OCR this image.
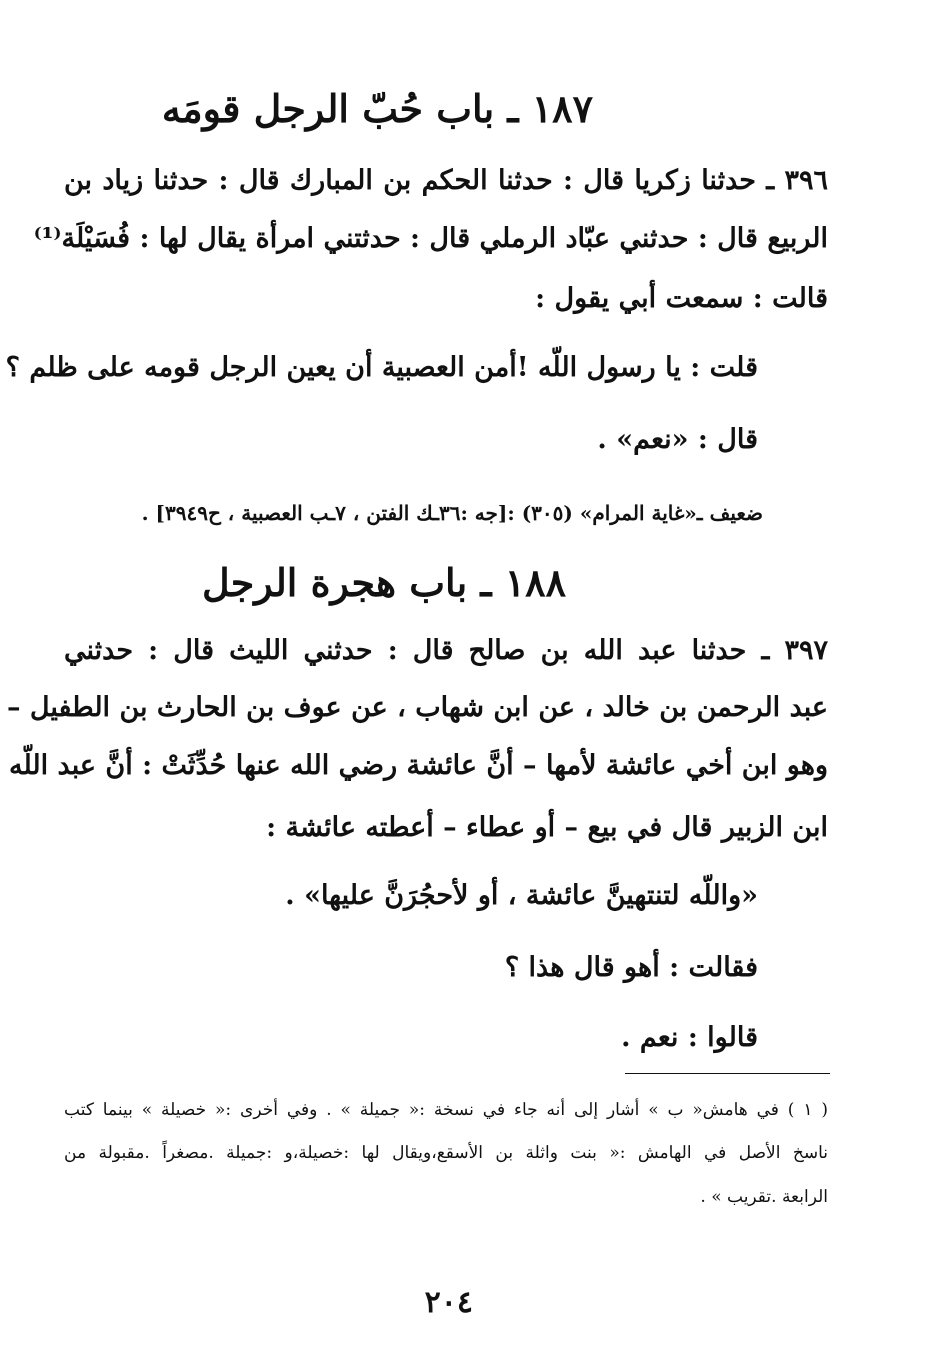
١٨٧ ـ باب حُبّ الرجل قومَه
٣٩٦ ـ حدثنا زكريا قال : حدثنا الحكم بن المبارك قال : حدثنا زياد بن
الربيع قال : حدثني عبّاد الرملي قال : حدثتني امرأة يقال لها : فُسَيْلَة⁽¹⁾
قالت : سمعت أبي يقول :
قلت : يا رسول اللّه !أمن العصبية أن يعين الرجل قومه على ظلم ؟
قال : «نعم» .
ضعيف ـ«غاية المرام» (٣٠٥) :[جه :٣٦ـك الفتن ، ٧ـب العصبية ، ح٣٩٤٩] .
١٨٨ ـ باب هجرة الرجل
٣٩٧ ـ حدثنا عبد الله بن صالح قال : حدثني الليث قال : حدثني
عبد الرحمن بن خالد ، عن ابن شهاب ، عن عوف بن الحارث بن الطفيل –
وهو ابن أخي عائشة لأمها – أنَّ عائشة رضي الله عنها حُدِّثَتْ : أنَّ عبد اللّه
ابن الزبير قال في بيع – أو عطاء – أعطته عائشة :
«واللّه لتنتهينَّ عائشة ، أو لأحجُرَنَّ عليها» .
فقالت : أهو قال هذا ؟
قالوا : نعم .
( ١ ) في هامش« ب » أشار إلى أنه جاء في نسخة :« جميلة » . وفي أخرى :« خصيلة » بينما كتب
ناسخ الأصل في الهامش :« بنت واثلة بن الأسقع،ويقال لها :خصيلة،و :جميلة .مصغراً .مقبولة من
الرابعة .تقريب » .
٢٠٤
